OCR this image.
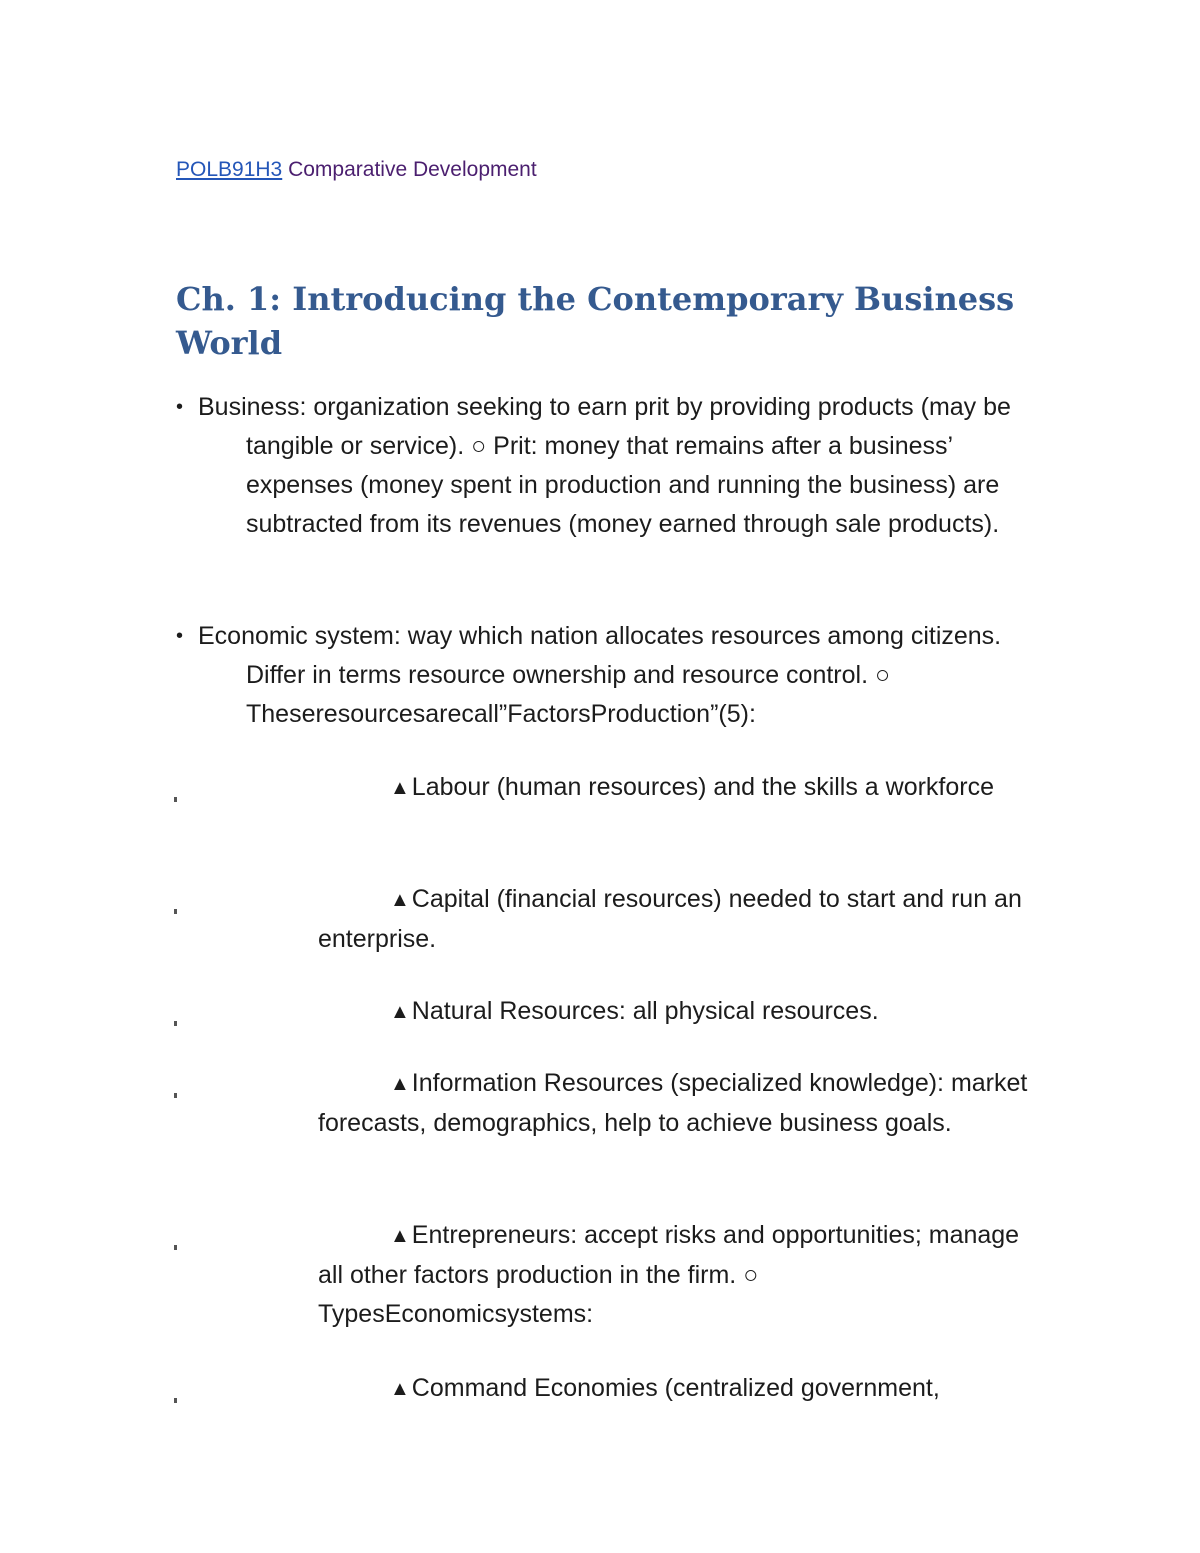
POLB91H3 Comparative Development
Ch. 1: Introducing the Contemporary Business World
• Business: organization seeking to earn prit by providing products (may be tangible or service). ○ Prit: money that remains after a business’ expenses (money spent in production and running the business) are subtracted from its revenues (money earned through sale products).
• Economic system: way which nation allocates resources among citizens. Differ in terms resource ownership and resource control. ○ Theseresourcesarecall”FactorsProduction”(5):
▲Labour (human resources) and the skills a workforce
▲Capital (financial resources) needed to start and run an enterprise.
▲Natural Resources: all physical resources.
▲Information Resources (specialized knowledge): market forecasts, demographics, help to achieve business goals.
▲Entrepreneurs: accept risks and opportunities; manage all other factors production in the firm. ○ TypesEconomicsystems:
▲Command Economies (centralized government,
